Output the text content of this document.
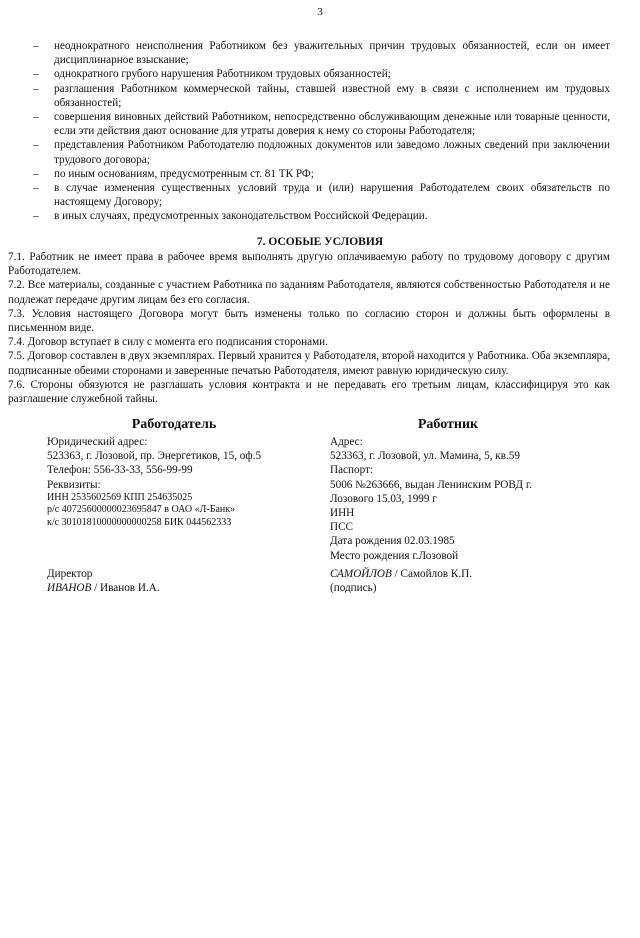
3
– неоднократного неисполнения Работником без уважительных причин трудовых обязанностей, если он имеет дисциплинарное взыскание;
– однократного грубого нарушения Работником трудовых обязанностей;
– разглашения Работником коммерческой тайны, ставшей известной ему в связи с исполнением им трудовых обязанностей;
– совершения виновных действий Работником, непосредственно обслуживающим денежные или товарные ценности, если эти действия дают основание для утраты доверия к нему со стороны Работодателя;
– представления Работником Работодателю подложных документов или заведомо ложных сведений при заключении трудового договора;
– по иным основаниям, предусмотренным ст. 81 ТК РФ;
– в случае изменения существенных условий труда и (или) нарушения Работодателем своих обязательств по настоящему Договору;
– в иных случаях, предусмотренных законодательством Российской Федерации.
7. ОСОБЫЕ УСЛОВИЯ

7.1. Работник не имеет права в рабочее время выполнять другую оплачиваемую работу по трудовому договору с другим Работодателем.

7.2. Все материалы, созданные с участием Работника по заданиям Работодателя, являются собственностью Работодателя и не подлежат передаче другим лицам без его согласия.

7.3. Условия настоящего Договора могут быть изменены только по согласию сторон и должны быть оформлены в письменном виде.

7.4. Договор вступает в силу с момента его подписания сторонами.

7.5. Договор составлен в двух экземплярах. Первый хранится у Работодателя, второй находится у Работника. Оба экземпляра, подписанные обеими сторонами и заверенные печатью Работодателя, имеют равную юридическую силу.

7.6. Стороны обязуются не разглашать условия контракта и не передавать его третьим лицам, классифицируя это как разглашение служебной тайны.

Работодатель
Юридический адрес:
523363, г. Лозовой, пр. Энергетиков, 15, оф.5
Телефон: 556-33-33, 556-99-99
Реквизиты:
ИНН 2535602569 КПП 254635025
р/с 40725600000023695847 в ОАО «Л-Банк»
к/с 30101810000000000258 БИК 044562333
Работник
Адрес:
523363, г. Лозовой, ул. Мамина, 5, кв.59
Паспорт:
5006 №263666, выдан Ленинским РОВД г.
Лозового 15.03, 1999 г
ИНН
ПСС
Дата рождения 02.03.1985
Место рождения г.Лозовой
Директор
ИВАНОВ / Иванов И.А.
САМОЙЛОВ / Самойлов К.П.
(подпись)
